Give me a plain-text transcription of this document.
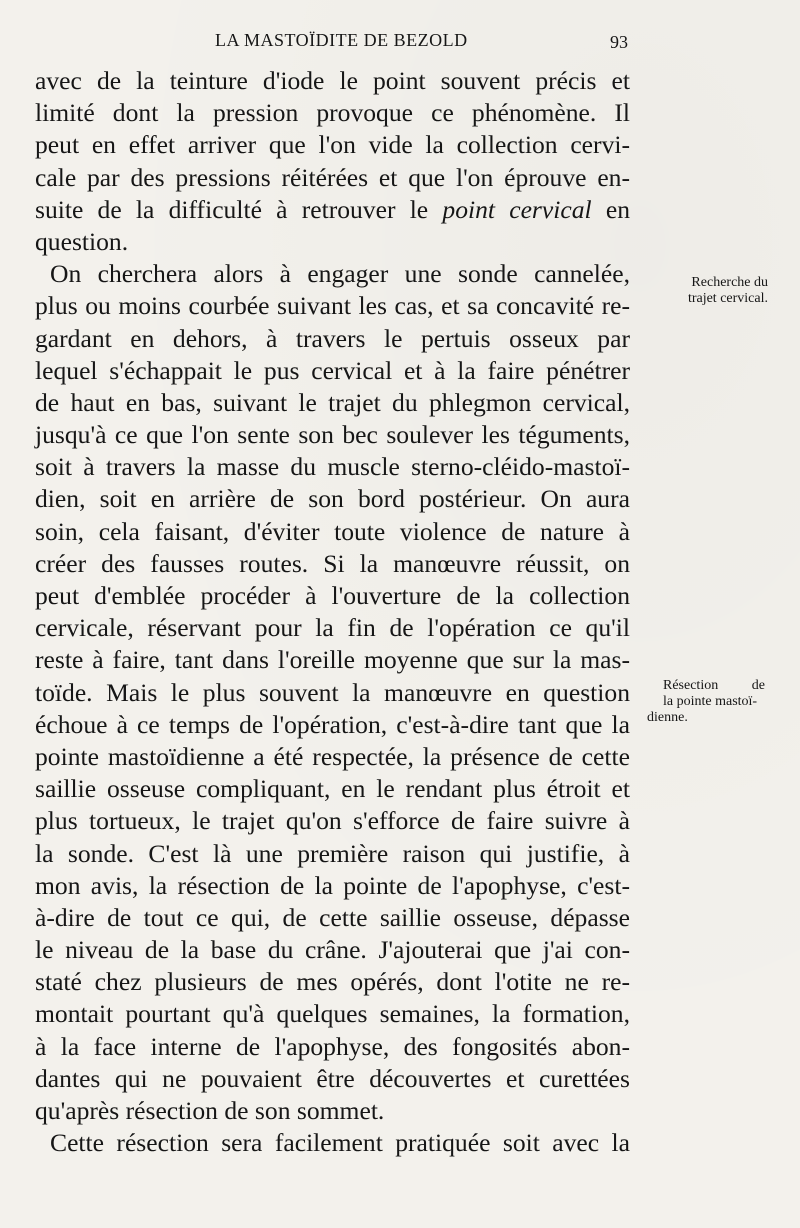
LA MASTOÏDITE DE BEZOLD	93
avec de la teinture d'iode le point souvent précis et
limité dont la pression provoque ce phénomène. Il
peut en effet arriver que l'on vide la collection cervi-
cale par des pressions réitérées et que l'on éprouve en-
suite de la difficulté à retrouver le point cervical en
question.
On cherchera alors à engager une sonde cannelée,
plus ou moins courbée suivant les cas, et sa concavité re-
gardant en dehors, à travers le pertuis osseux par
lequel s'échappait le pus cervical et à la faire pénétrer
de haut en bas, suivant le trajet du phlegmon cervical,
jusqu'à ce que l'on sente son bec soulever les téguments,
soit à travers la masse du muscle sterno-cléido-mastoï-
dien, soit en arrière de son bord postérieur. On aura
soin, cela faisant, d'éviter toute violence de nature à
créer des fausses routes. Si la manœuvre réussit, on
peut d'emblée procéder à l'ouverture de la collection
cervicale, réservant pour la fin de l'opération ce qu'il
reste à faire, tant dans l'oreille moyenne que sur la mas-
toïde. Mais le plus souvent la manœuvre en question
échoue à ce temps de l'opération, c'est-à-dire tant que la
pointe mastoïdienne a été respectée, la présence de cette
saillie osseuse compliquant, en le rendant plus étroit et
plus tortueux, le trajet qu'on s'efforce de faire suivre à
la sonde. C'est là une première raison qui justifie, à
mon avis, la résection de la pointe de l'apophyse, c'est-
à-dire de tout ce qui, de cette saillie osseuse, dépasse
le niveau de la base du crâne. J'ajouterai que j'ai con-
staté chez plusieurs de mes opérés, dont l'otite ne re-
montait pourtant qu'à quelques semaines, la formation,
à la face interne de l'apophyse, des fongosités abon-
dantes qui ne pouvaient être découvertes et curettées
qu'après résection de son sommet.
Cette résection sera facilement pratiquée soit avec la
Recherche du
trajet cervical.
Résection de
la pointe mastoï-
dienne.
